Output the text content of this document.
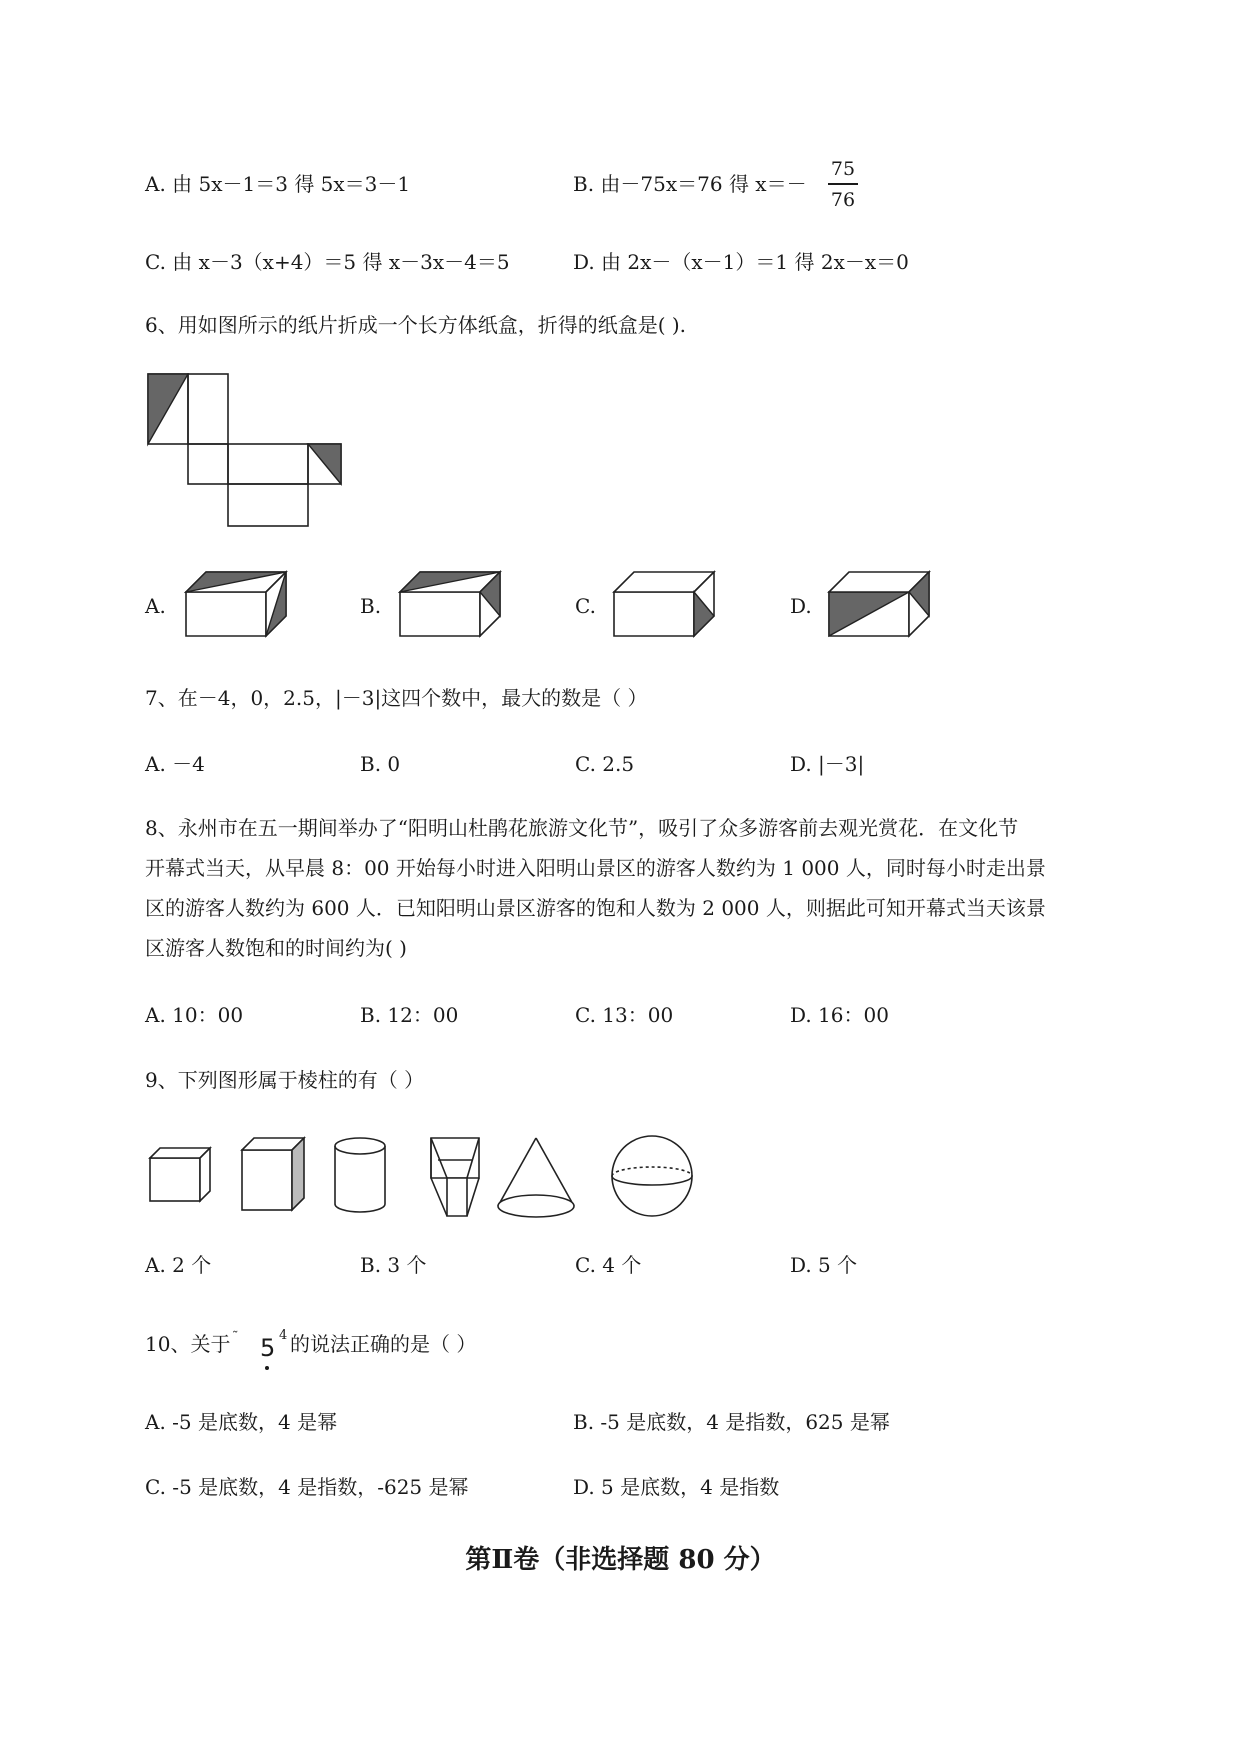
A. 由 5x－1＝3 得 5x＝3－1	B. 由－75x＝76 得 x＝－
75
76
C. 由 x－3（x+4）＝5 得 x－3x－4＝5	D. 由 2x－（x－1）＝1 得 2x－x＝0
6、用如图所示的纸片折成一个长方体纸盒，折得的纸盒是( ).
A.	B.	C.	D.
7、在－4，0，2.5，|－3|这四个数中，最大的数是（ ）
A. －4	B. 0	C. 2.5	D. |－3|
8、永州市在五一期间举办了“阳明山杜鹃花旅游文化节”，吸引了众多游客前去观光赏花．在文化节
开幕式当天，从早晨 8：00 开始每小时进入阳明山景区的游客人数约为 1 000 人，同时每小时走出景
区的游客人数约为 600 人．已知阳明山景区游客的饱和人数为 2 000 人，则据此可知开幕式当天该景
区游客人数饱和的时间约为( )
A. 10：00	B. 12：00	C. 13：00	D. 16：00
9、下列图形属于棱柱的有（ ）
A. 2 个	B. 3 个	C. 4 个	D. 5 个
10、关于 ˜ 5 4 的说法正确的是（ ）
A. -5 是底数，4 是幂	B. -5 是底数，4 是指数，625 是幂
C. -5 是底数，4 是指数，-625 是幂	D. 5 是底数，4 是指数
第Ⅱ卷（非选择题 80 分）
